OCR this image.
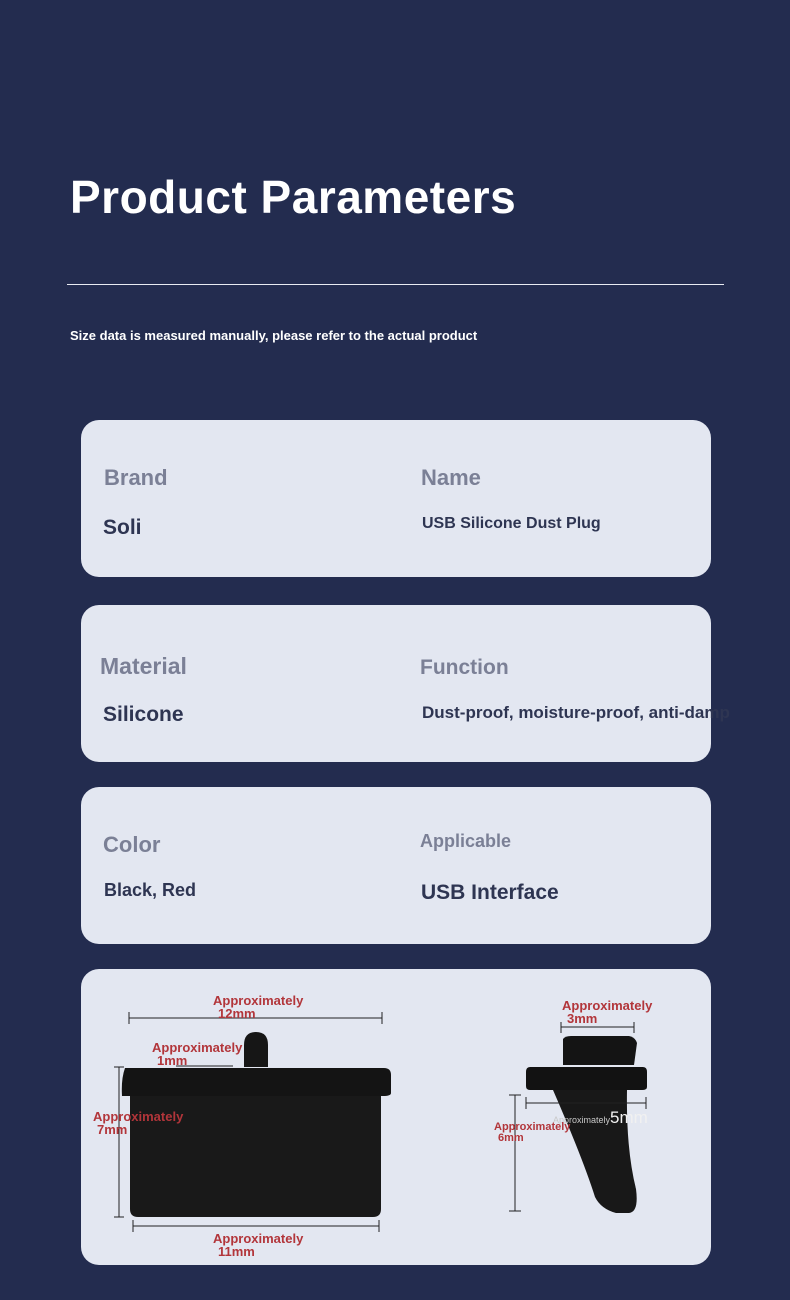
Product Parameters
Size data is measured manually, please refer to the actual product
Brand
Soli
Name
USB Silicone Dust Plug
Material
Silicone
Function
Dust-proof, moisture-proof, anti-damp
Color
Black, Red
Applicable
USB Interface
Approximately
12mm
Approximately
1mm
Approximately
7mm
Approximately
11mm
Approximately
3mm
Approximately5mm
Approximately
6mm
